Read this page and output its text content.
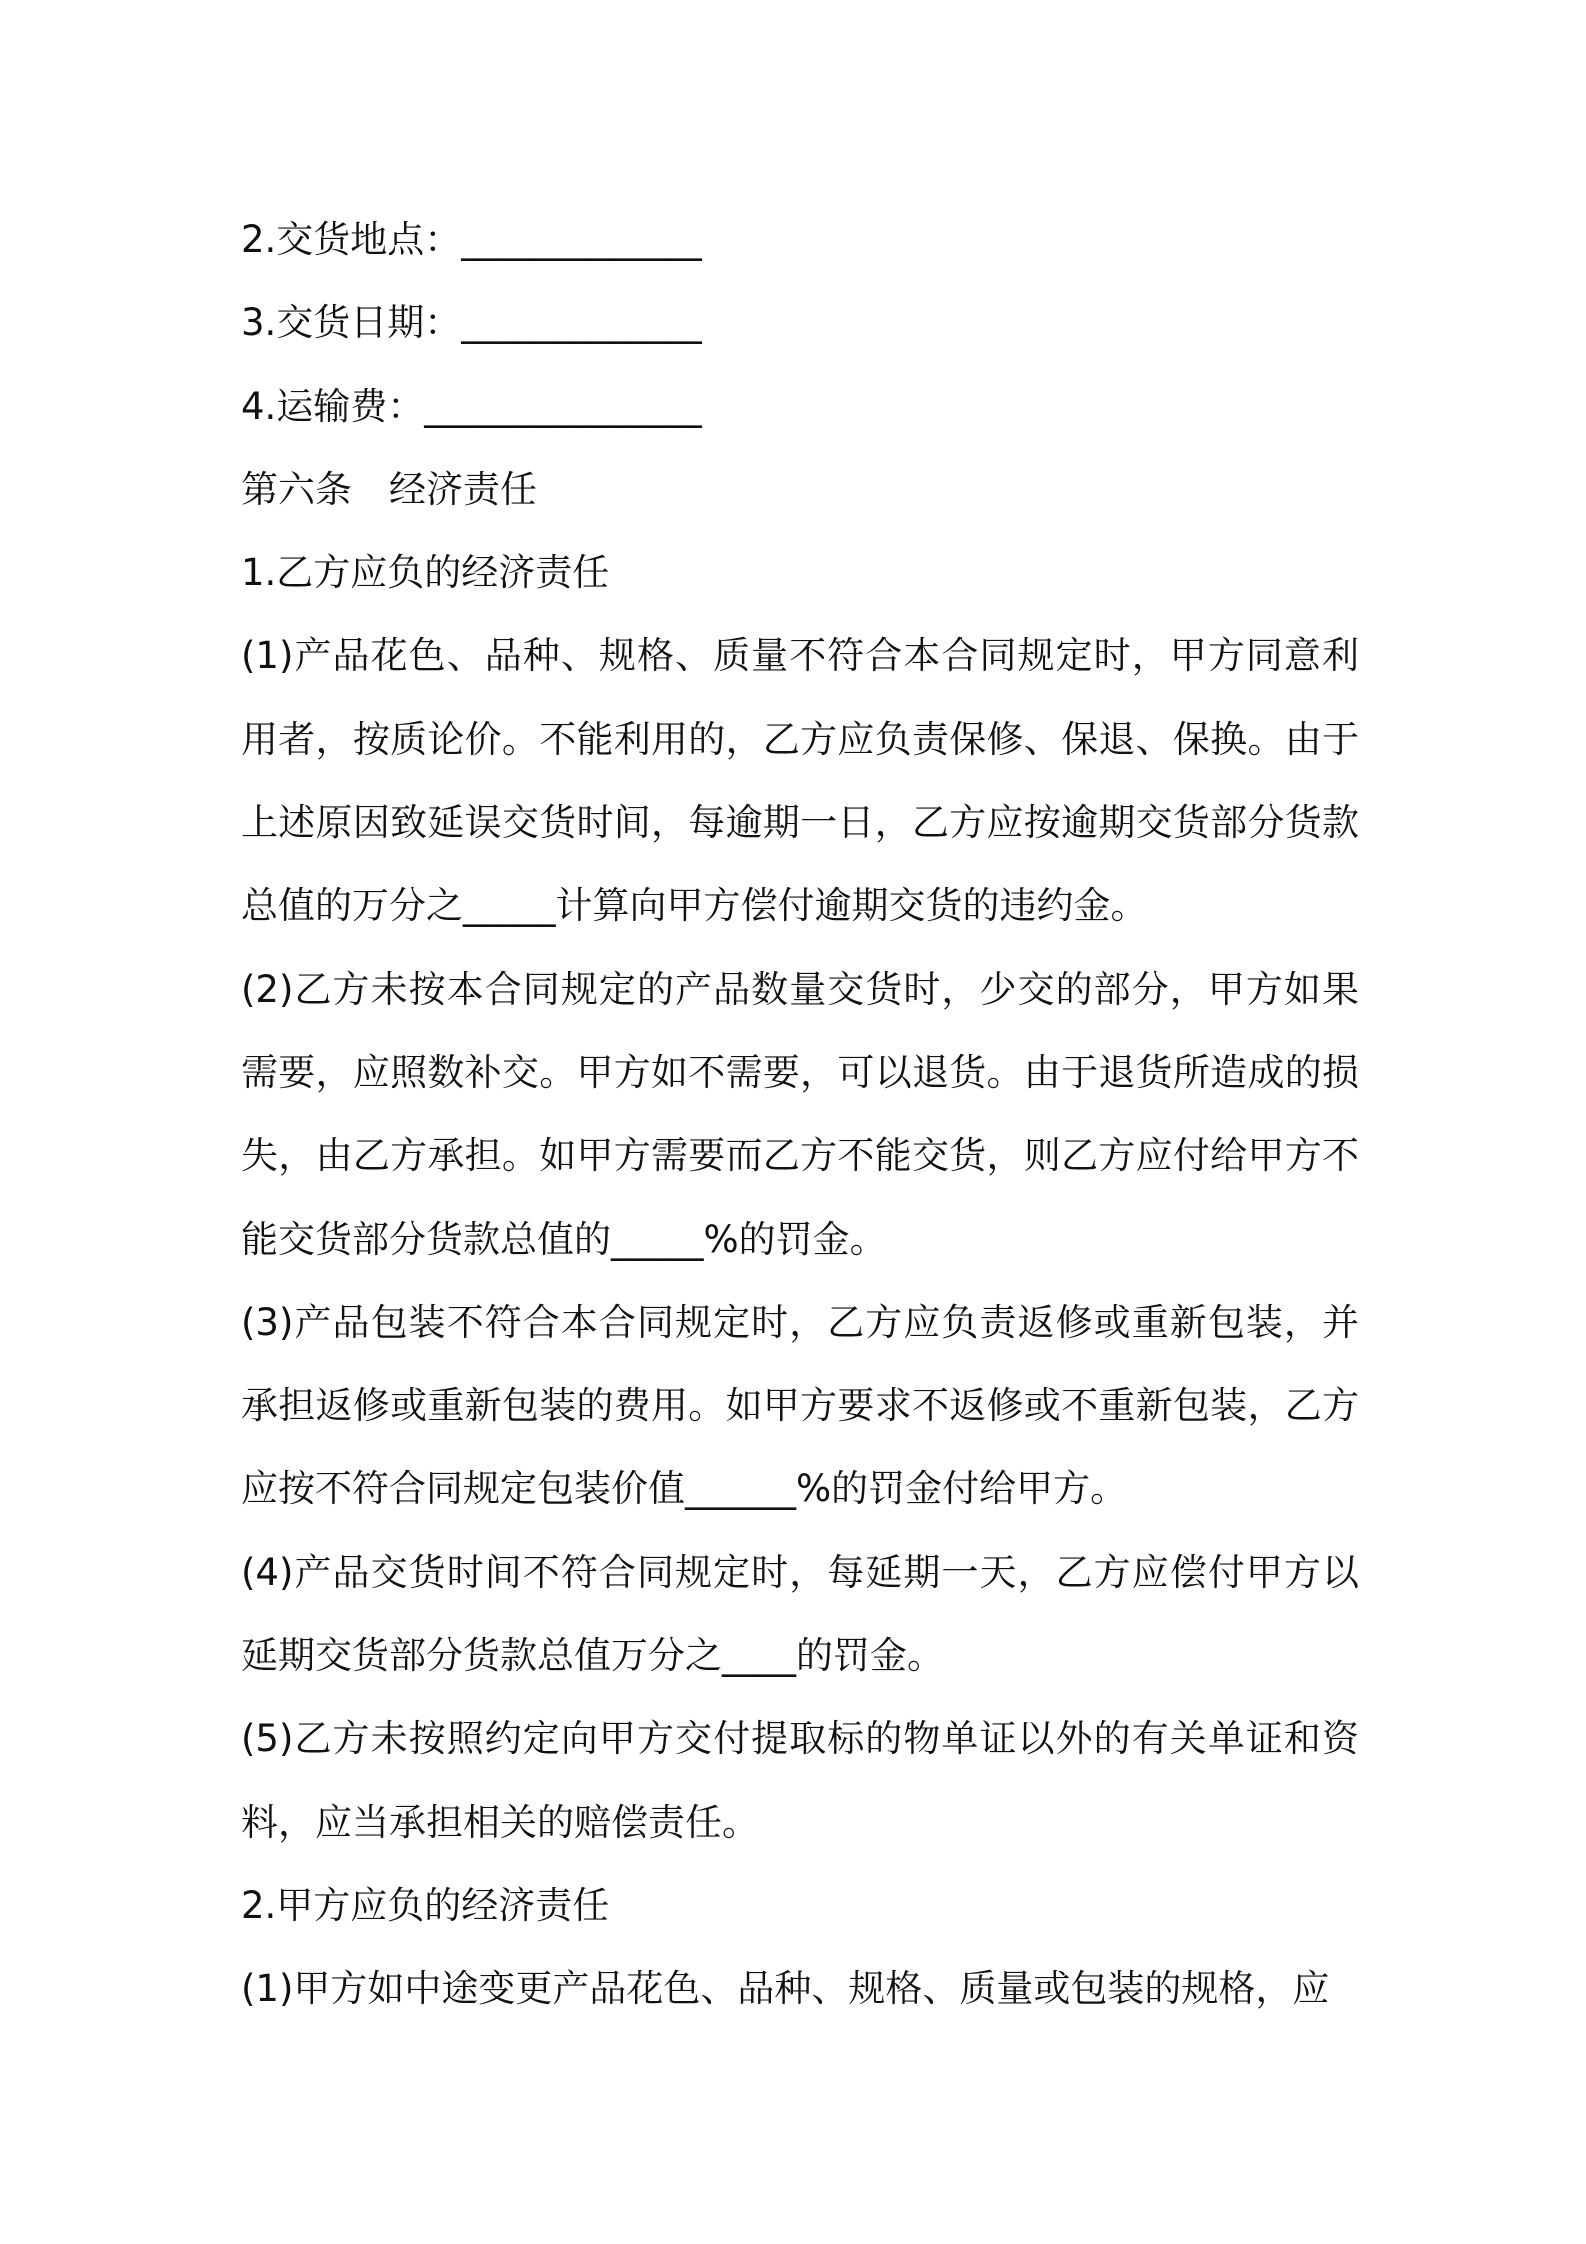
2.交货地点：_____________

3.交货日期：_____________

4.运输费：_______________

第六条　经济责任

1.乙方应负的经济责任

(1)产品花色、品种、规格、质量不符合本合同规定时，甲方同意利用者，按质论价。不能利用的，乙方应负责保修、保退、保换。由于上述原因致延误交货时间，每逾期一日，乙方应按逾期交货部分货款总值的万分之_____计算向甲方偿付逾期交货的违约金。

(2)乙方未按本合同规定的产品数量交货时，少交的部分，甲方如果需要，应照数补交。甲方如不需要，可以退货。由于退货所造成的损失，由乙方承担。如甲方需要而乙方不能交货，则乙方应付给甲方不能交货部分货款总值的_____%的罚金。

(3)产品包装不符合本合同规定时，乙方应负责返修或重新包装，并承担返修或重新包装的费用。如甲方要求不返修或不重新包装，乙方应按不符合同规定包装价值______%的罚金付给甲方。

(4)产品交货时间不符合同规定时，每延期一天，乙方应偿付甲方以延期交货部分货款总值万分之____的罚金。

(5)乙方未按照约定向甲方交付提取标的物单证以外的有关单证和资料，应当承担相关的赔偿责任。

2.甲方应负的经济责任

(1)甲方如中途变更产品花色、品种、规格、质量或包装的规格，应
